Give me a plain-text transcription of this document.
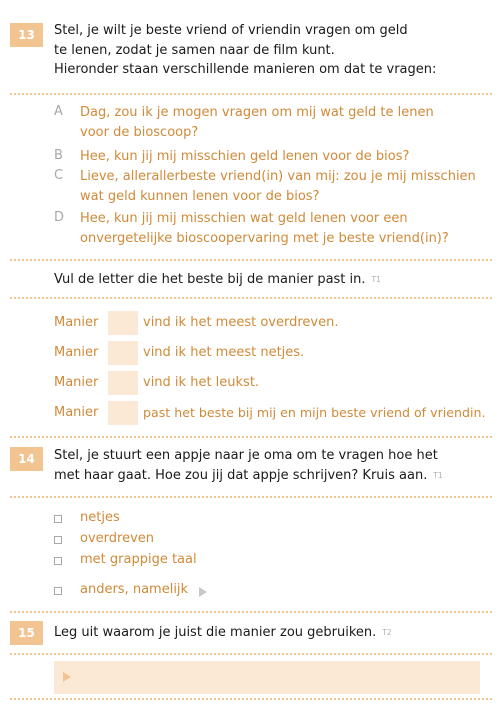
13	Stel, je wilt je beste vriend of vriendin vragen om geld
te lenen, zodat je samen naar de film kunt.
Hieronder staan verschillende manieren om dat te vragen:
A Dag, zou ik je mogen vragen om mij wat geld te lenen
voor de bioscoop?
B Hee, kun jij mij misschien geld lenen voor de bios?
C Lieve, allerallerbeste vriend(in) van mij: zou je mij misschien
wat geld kunnen lenen voor de bios?
D Hee, kun jij mij misschien wat geld lenen voor een
onvergetelijke bioscoopervaring met je beste vriend(in)?
Vul de letter die het beste bij de manier past in. T1
Manier	vind ik het meest overdreven.
Manier	vind ik het meest netjes.
Manier	vind ik het leukst.
Manier	past het beste bij mij en mijn beste vriend of vriendin.
14	Stel, je stuurt een appje naar je oma om te vragen hoe het
met haar gaat. Hoe zou jij dat appje schrijven? Kruis aan. T1
netjes
overdreven
met grappige taal
anders, namelijk
15	Leg uit waarom je juist die manier zou gebruiken. T2
